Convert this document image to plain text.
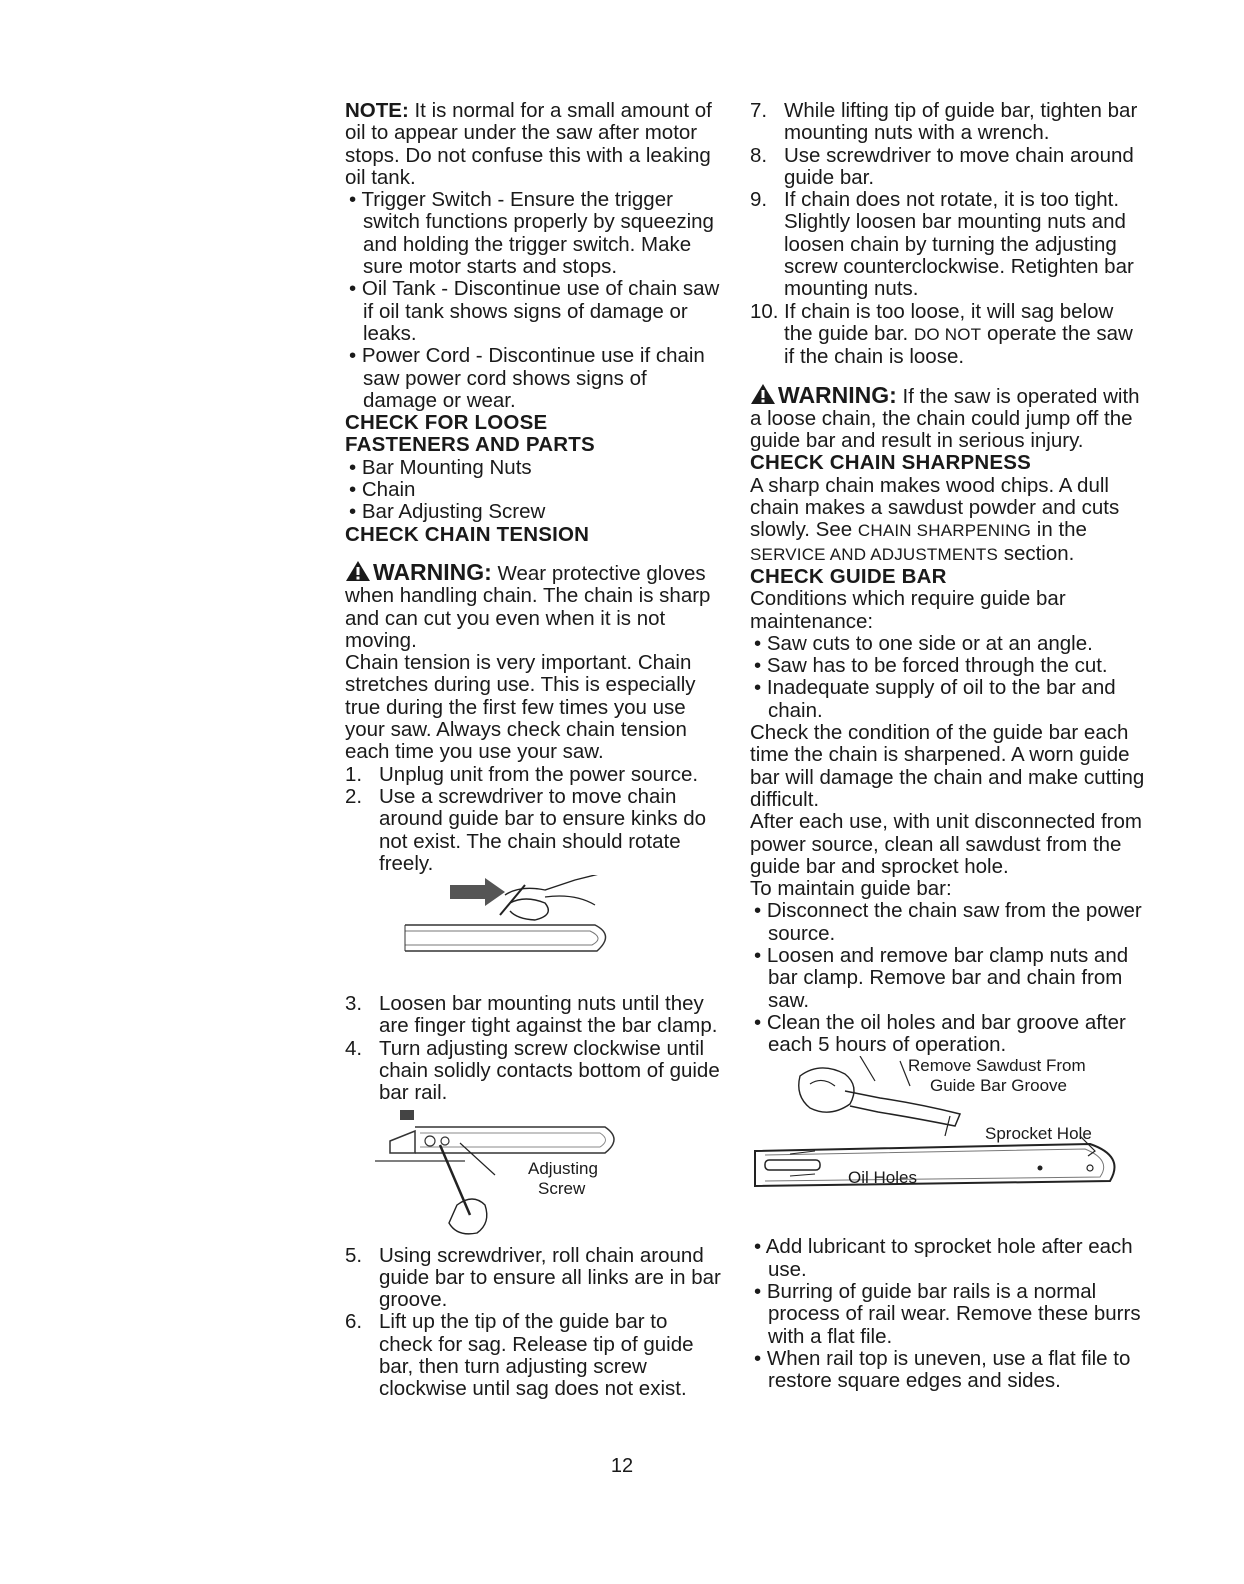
NOTE: It is normal for a small amount of oil to appear under the saw after motor stops. Do not confuse this with a leaking oil tank.

• Trigger Switch - Ensure the trigger switch functions properly by squeezing and holding the trigger switch. Make sure motor starts and stops.

• Oil Tank - Discontinue use of chain saw if oil tank shows signs of damage or leaks.

• Power Cord - Discontinue use if chain saw power cord shows signs of damage or wear.

CHECK FOR LOOSE

FASTENERS AND PARTS

• Bar Mounting Nuts

• Chain

• Bar Adjusting Screw

CHECK CHAIN TENSION

WARNING: Wear protective gloves when handling chain. The chain is sharp and can cut you even when it is not moving.

Chain tension is very important. Chain stretches during use. This is especially true during the first few times you use your saw. Always check chain tension each time you use your saw.

1. Unplug unit from the power source.

2. Use a screwdriver to move chain around guide bar to ensure kinks do not exist. The chain should rotate freely.

3. Loosen bar mounting nuts until they are finger tight against the bar clamp.

4. Turn adjusting screw clockwise until chain solidly contacts bottom of guide bar rail.

Adjusting
Screw

5. Using screwdriver, roll chain around guide bar to ensure all links are in bar groove.

6. Lift up the tip of the guide bar to check for sag. Release tip of guide bar, then turn adjusting screw clockwise until sag does not exist.

7. While lifting tip of guide bar, tighten bar mounting nuts with a wrench.

8. Use screwdriver to move chain around guide bar.

9. If chain does not rotate, it is too tight. Slightly loosen bar mounting nuts and loosen chain by turning the adjusting screw counterclockwise. Retighten bar mounting nuts.

10. If chain is too loose, it will sag below the guide bar. DO NOT operate the saw if the chain is loose.

WARNING: If the saw is operated with a loose chain, the chain could jump off the guide bar and result in serious injury.

CHECK CHAIN SHARPNESS

A sharp chain makes wood chips. A dull chain makes a sawdust powder and cuts slowly. See CHAIN SHARPENING in the SERVICE AND ADJUSTMENTS section.

CHECK GUIDE BAR

Conditions which require guide bar maintenance:

• Saw cuts to one side or at an angle.

• Saw has to be forced through the cut.

• Inadequate supply of oil to the bar and chain.

Check the condition of the guide bar each time the chain is sharpened. A worn guide bar will damage the chain and make cutting difficult.

After each use, with unit disconnected from power source, clean all sawdust from the guide bar and sprocket hole.

To maintain guide bar:

• Disconnect the chain saw from the power source.

• Loosen and remove bar clamp nuts and bar clamp. Remove bar and chain from saw.

• Clean the oil holes and bar groove after each 5 hours of operation.

Remove Sawdust From
Guide Bar Groove
Sprocket Hole
Oil Holes

• Add lubricant to sprocket hole after each use.

• Burring of guide bar rails is a normal process of rail wear. Remove these burrs with a flat file.

• When rail top is uneven, use a flat file to restore square edges and sides.

12
